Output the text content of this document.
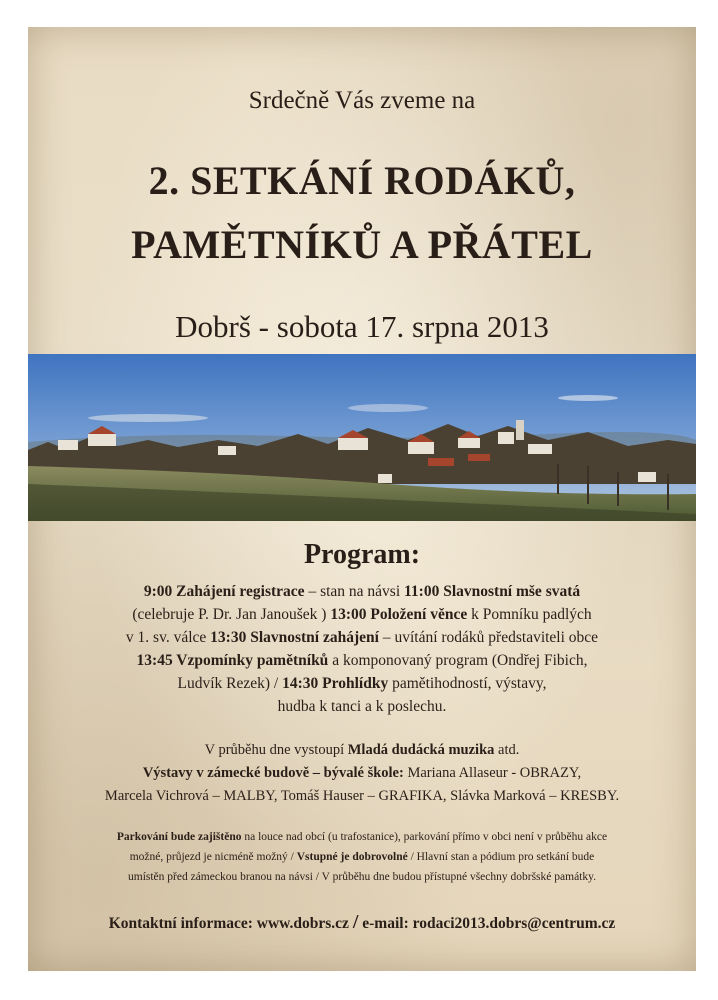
Srdečně Vás zveme na
2. SETKÁNÍ RODÁKŮ,
PAMĚTNÍKŮ A PŘÁTEL
Dobrš - sobota 17. srpna 2013
Program:
9:00 Zahájení registrace – stan na návsi 11:00 Slavnostní mše svatá
(celebruje P. Dr. Jan Janoušek ) 13:00 Položení věnce k Pomníku padlých
v 1. sv. válce 13:30 Slavnostní zahájení – uvítání rodáků představiteli obce
13:45 Vzpomínky pamětníků a komponovaný program (Ondřej Fibich,
Ludvík Rezek) / 14:30 Prohlídky pamětihodností, výstavy,
hudba k tanci a k poslechu.
V průběhu dne vystoupí Mladá dudácká muzika atd.
Výstavy v zámecké budově – bývalé škole: Mariana Allaseur - OBRAZY,
Marcela Vichrová – MALBY, Tomáš Hauser – GRAFIKA, Slávka Marková – KRESBY.
Parkování bude zajištěno na louce nad obcí (u trafostanice), parkování přímo v obci není v průběhu akce
možné, průjezd je nicméně možný / Vstupné je dobrovolné / Hlavní stan a pódium pro setkání bude
umístěn před zámeckou branou na návsi / V průběhu dne budou přístupné všechny dobršské památky.
Kontaktní informace: www.dobrs.cz / e-mail: rodaci2013.dobrs@centrum.cz
